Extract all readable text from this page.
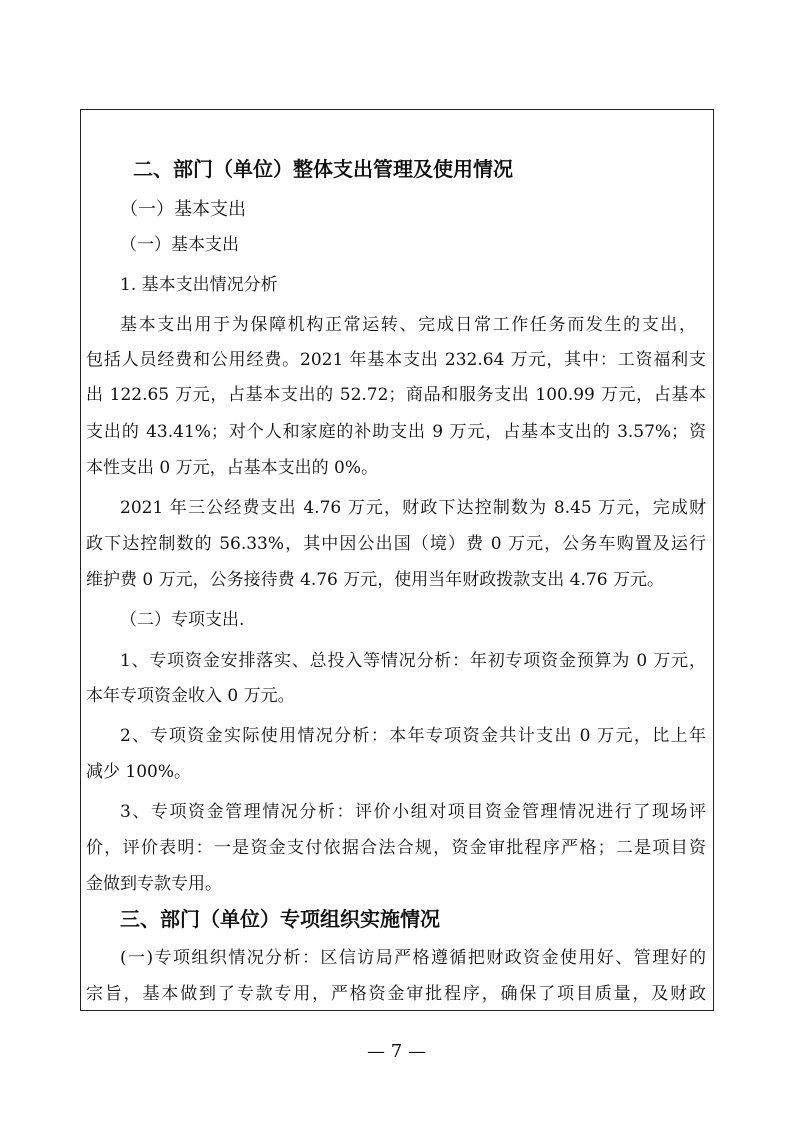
二、部门（单位）整体支出管理及使用情况
（一）基本支出
（一）基本支出
1. 基本支出情况分析
基本支出用于为保障机构正常运转、完成日常工作任务而发生的支出，
包括人员经费和公用经费。2021 年基本支出 232.64 万元，其中：工资福利支
出 122.65 万元，占基本支出的 52.72；商品和服务支出 100.99 万元，占基本
支出的 43.41%；对个人和家庭的补助支出 9 万元，占基本支出的 3.57%；资
本性支出 0 万元，占基本支出的 0%。
2021 年三公经费支出 4.76 万元，财政下达控制数为 8.45 万元，完成财
政下达控制数的 56.33%，其中因公出国（境）费 0 万元，公务车购置及运行
维护费 0 万元，公务接待费 4.76 万元，使用当年财政拨款支出 4.76 万元。
（二）专项支出.
1、专项资金安排落实、总投入等情况分析：年初专项资金预算为 0 万元，
本年专项资金收入 0 万元。
2、专项资金实际使用情况分析：本年专项资金共计支出 0 万元，比上年
减少 100%。
3、专项资金管理情况分析：评价小组对项目资金管理情况进行了现场评
价，评价表明：一是资金支付依据合法合规，资金审批程序严格；二是项目资
金做到专款专用。
三、部门（单位）专项组织实施情况
(一)专项组织情况分析：区信访局严格遵循把财政资金使用好、管理好的
宗旨，基本做到了专款专用，严格资金审批程序，确保了项目质量，及财政
— 7 —
